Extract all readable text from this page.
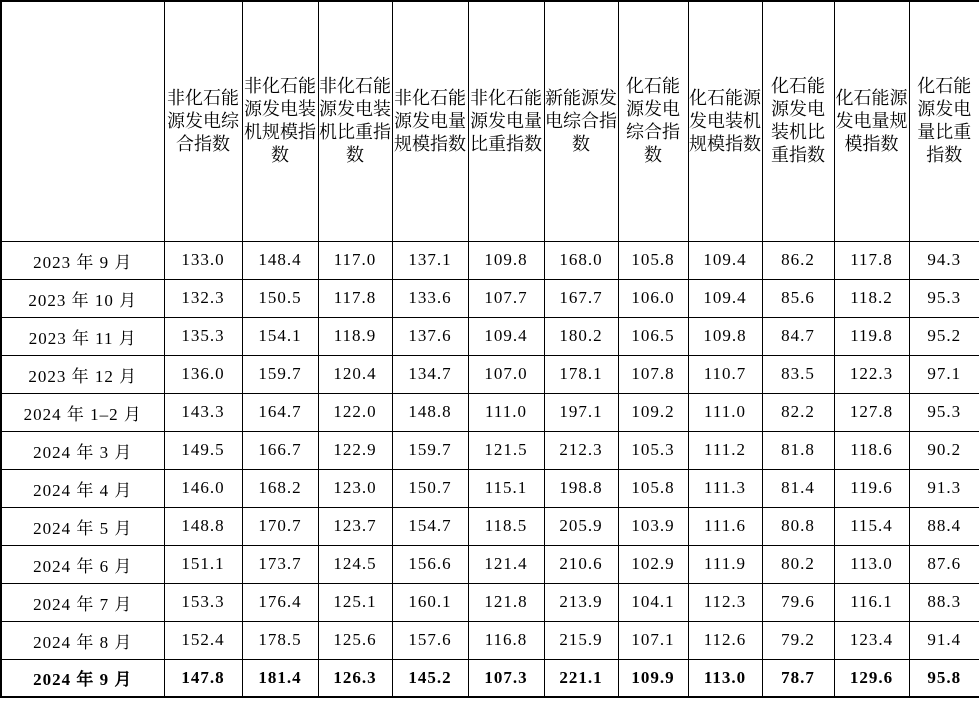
	非化石能源发电综合指数	非化石能源发电装机规模指数	非化石能源发电装机比重指数	非化石能源发电量规模指数	非化石能源发电量比重指数	新能源发电综合指数	化石能源发电综合指数	化石能源发电装机规模指数	化石能源发电装机比重指数	化石能源发电量规模指数	化石能源发电量比重指数

2023 年 9 月	133.0	148.4	117.0	137.1	109.8	168.0	105.8	109.4	86.2	117.8	94.3
2023 年 10 月	132.3	150.5	117.8	133.6	107.7	167.7	106.0	109.4	85.6	118.2	95.3
2023 年 11 月	135.3	154.1	118.9	137.6	109.4	180.2	106.5	109.8	84.7	119.8	95.2
2023 年 12 月	136.0	159.7	120.4	134.7	107.0	178.1	107.8	110.7	83.5	122.3	97.1
2024 年 1–2 月	143.3	164.7	122.0	148.8	111.0	197.1	109.2	111.0	82.2	127.8	95.3
2024 年 3 月	149.5	166.7	122.9	159.7	121.5	212.3	105.3	111.2	81.8	118.6	90.2
2024 年 4 月	146.0	168.2	123.0	150.7	115.1	198.8	105.8	111.3	81.4	119.6	91.3
2024 年 5 月	148.8	170.7	123.7	154.7	118.5	205.9	103.9	111.6	80.8	115.4	88.4
2024 年 6 月	151.1	173.7	124.5	156.6	121.4	210.6	102.9	111.9	80.2	113.0	87.6
2024 年 7 月	153.3	176.4	125.1	160.1	121.8	213.9	104.1	112.3	79.6	116.1	88.3
2024 年 8 月	152.4	178.5	125.6	157.6	116.8	215.9	107.1	112.6	79.2	123.4	91.4
2024 年 9 月	147.8	181.4	126.3	145.2	107.3	221.1	109.9	113.0	78.7	129.6	95.8
